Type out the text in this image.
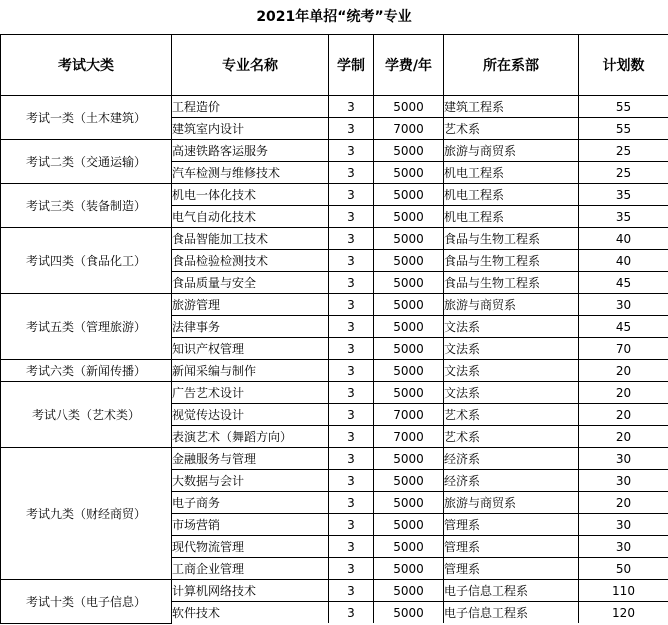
2021年单招“统考”专业
考试大类	专业名称	学制	学费/年	所在系部	计划数
考试一类（土木建筑）	工程造价	3	5000	建筑工程系	55
	建筑室内设计	3	7000	艺术系	55
考试二类（交通运输）	高速铁路客运服务	3	5000	旅游与商贸系	25
	汽车检测与维修技术	3	5000	机电工程系	25
考试三类（装备制造）	机电一体化技术	3	5000	机电工程系	35
	电气自动化技术	3	5000	机电工程系	35
考试四类（食品化工）	食品智能加工技术	3	5000	食品与生物工程系	40
	食品检验检测技术	3	5000	食品与生物工程系	40
	食品质量与安全	3	5000	食品与生物工程系	45
考试五类（管理旅游）	旅游管理	3	5000	旅游与商贸系	30
	法律事务	3	5000	文法系	45
	知识产权管理	3	5000	文法系	70
考试六类（新闻传播）	新闻采编与制作	3	5000	文法系	20
考试八类（艺术类）	广告艺术设计	3	5000	文法系	20
	视觉传达设计	3	7000	艺术系	20
	表演艺术（舞蹈方向）	3	7000	艺术系	20
考试九类（财经商贸）	金融服务与管理	3	5000	经济系	30
	大数据与会计	3	5000	经济系	30
	电子商务	3	5000	旅游与商贸系	20
	市场营销	3	5000	管理系	30
	现代物流管理	3	5000	管理系	30
	工商企业管理	3	5000	管理系	50
考试十类（电子信息）	计算机网络技术	3	5000	电子信息工程系	110
	软件技术	3	5000	电子信息工程系	120
